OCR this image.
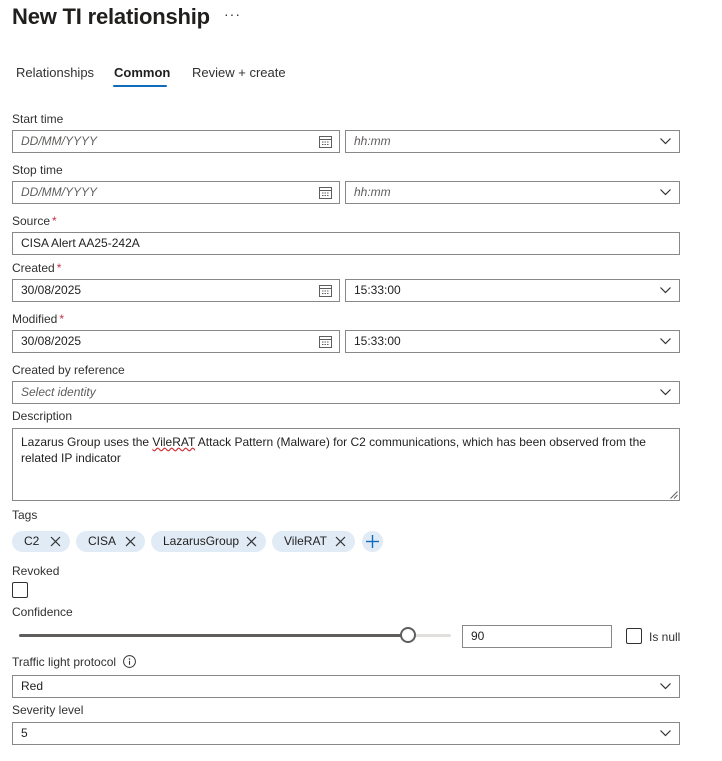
New TI relationship ···
Relationships Common Review + create
Start time
DD/MM/YYYY	hh:mm
Stop time
DD/MM/YYYY	hh:mm
Source *
CISA Alert AA25-242A
Created *
30/08/2025	15:33:00
Modified *
30/08/2025	15:33:00
Created by reference
Select identity
Description
Lazarus Group uses the VileRAT Attack Pattern (Malware) for C2 communications, which has been observed from the related IP indicator
Tags
C2	CISA	LazarusGroup	VileRAT
Revoked
Confidence
90	Is null
Traffic light protocol
Red
Severity level
5
